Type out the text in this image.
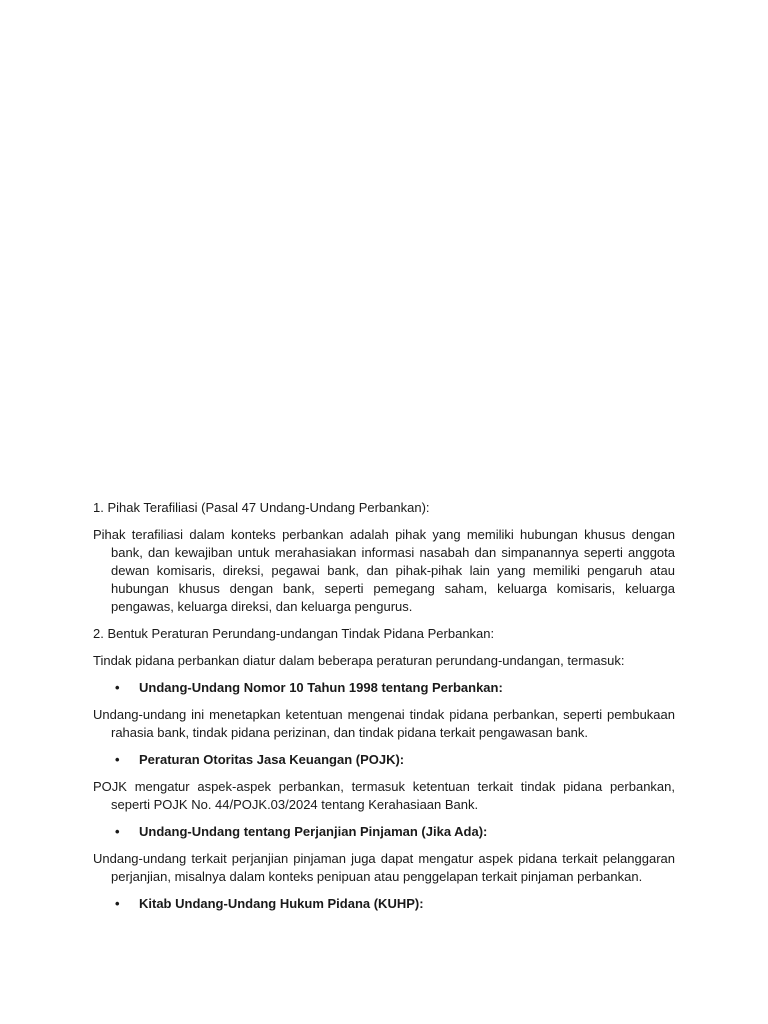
1. Pihak Terafiliasi (Pasal 47 Undang-Undang Perbankan):

Pihak terafiliasi dalam konteks perbankan adalah pihak yang memiliki hubungan khusus dengan bank, dan kewajiban untuk merahasiakan informasi nasabah dan simpanannya seperti anggota dewan komisaris, direksi, pegawai bank, dan pihak-pihak lain yang memiliki pengaruh atau hubungan khusus dengan bank, seperti pemegang saham, keluarga komisaris, keluarga pengawas, keluarga direksi, dan keluarga pengurus.

2. Bentuk Peraturan Perundang-undangan Tindak Pidana Perbankan:

Tindak pidana perbankan diatur dalam beberapa peraturan perundang-undangan, termasuk:

• Undang-Undang Nomor 10 Tahun 1998 tentang Perbankan:

Undang-undang ini menetapkan ketentuan mengenai tindak pidana perbankan, seperti pembukaan rahasia bank, tindak pidana perizinan, dan tindak pidana terkait pengawasan bank.

• Peraturan Otoritas Jasa Keuangan (POJK):

POJK mengatur aspek-aspek perbankan, termasuk ketentuan terkait tindak pidana perbankan, seperti POJK No. 44/POJK.03/2024 tentang Kerahasiaan Bank.

• Undang-Undang tentang Perjanjian Pinjaman (Jika Ada):

Undang-undang terkait perjanjian pinjaman juga dapat mengatur aspek pidana terkait pelanggaran perjanjian, misalnya dalam konteks penipuan atau penggelapan terkait pinjaman perbankan.

• Kitab Undang-Undang Hukum Pidana (KUHP):
